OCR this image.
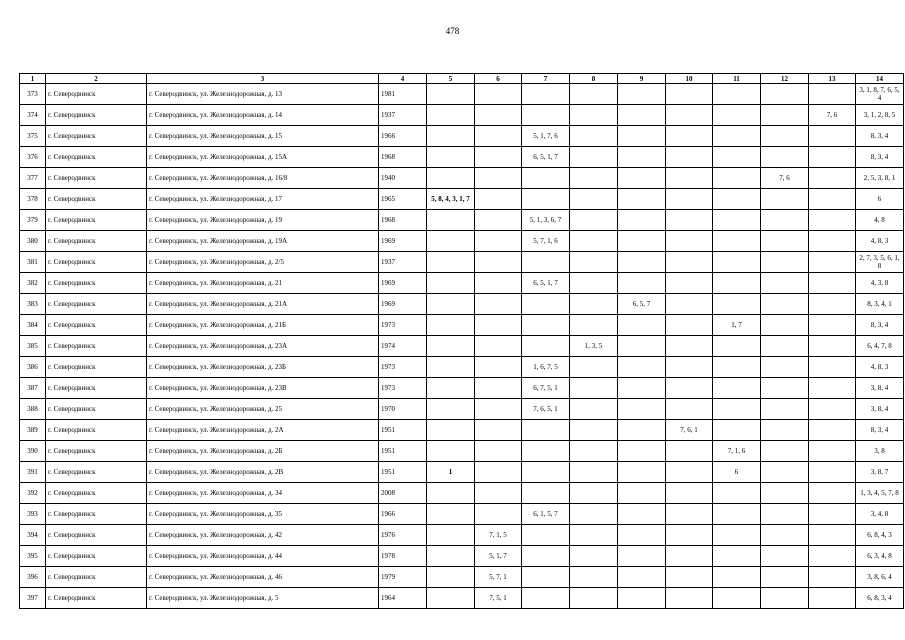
478
1	2	3	4	5	6	7	8	9	10	11	12	13	14
373	г. Северодвинск	г. Северодвинск, ул. Железнодорожная, д. 13	1981										3, 1, 8, 7, 6, 5, 4
374	г. Северодвинск	г. Северодвинск, ул. Железнодорожная, д. 14	1937									7, 6	3, 1, 2, 8, 5
375	г. Северодвинск	г. Северодвинск, ул. Железнодорожная, д. 15	1966			5, 1, 7, 6							8, 3, 4
376	г. Северодвинск	г. Северодвинск, ул. Железнодорожная, д. 15А	1968			6, 5, 1, 7							8, 3, 4
377	г. Северодвинск	г. Северодвинск, ул. Железнодорожная, д. 16/8	1940								7, 6		2, 5, 3, 8, 1
378	г. Северодвинск	г. Северодвинск, ул. Железнодорожная, д. 17	1965	5, 8, 4, 3, 1, 7									6
379	г. Северодвинск	г. Северодвинск, ул. Железнодорожная, д. 19	1968			5, 1, 3, 6, 7							4, 8
380	г. Северодвинск	г. Северодвинск, ул. Железнодорожная, д. 19А	1969			5, 7, 1, 6							4, 8, 3
381	г. Северодвинск	г. Северодвинск, ул. Железнодорожная, д. 2/5	1937										2, 7, 3, 5, 6, 1, 8
382	г. Северодвинск	г. Северодвинск, ул. Железнодорожная, д. 21	1969			6, 5, 1, 7							4, 3, 8
383	г. Северодвинск	г. Северодвинск, ул. Железнодорожная, д. 21А	1969					6, 5, 7					8, 3, 4, 1
384	г. Северодвинск	г. Северодвинск, ул. Железнодорожная, д. 21Б	1973							1, 7			8, 3, 4
385	г. Северодвинск	г. Северодвинск, ул. Железнодорожная, д. 23А	1974				1, 3, 5						6, 4, 7, 8
386	г. Северодвинск	г. Северодвинск, ул. Железнодорожная, д. 23Б	1973			1, 6, 7, 5							4, 8, 3
387	г. Северодвинск	г. Северодвинск, ул. Железнодорожная, д. 23В	1973			6, 7, 5, 1							3, 8, 4
388	г. Северодвинск	г. Северодвинск, ул. Железнодорожная, д. 25	1970			7, 6, 5, 1							3, 8, 4
389	г. Северодвинск	г. Северодвинск, ул. Железнодорожная, д. 2А	1951						7, 6, 1				8, 3, 4
390	г. Северодвинск	г. Северодвинск, ул. Железнодорожная, д. 2Б	1951							7, 1, 6			3, 8
391	г. Северодвинск	г. Северодвинск, ул. Железнодорожная, д. 2В	1951	1						6			3, 8, 7
392	г. Северодвинск	г. Северодвинск, ул. Железнодорожная, д. 34	2008										1, 3, 4, 5, 7, 8
393	г. Северодвинск	г. Северодвинск, ул. Железнодорожная, д. 35	1966			6, 1, 5, 7							3, 4, 8
394	г. Северодвинск	г. Северодвинск, ул. Железнодорожная, д. 42	1976		7, 1, 5								6, 8, 4, 3
395	г. Северодвинск	г. Северодвинск, ул. Железнодорожная, д. 44	1978		5, 1, 7								6, 3, 4, 8
396	г. Северодвинск	г. Северодвинск, ул. Железнодорожная, д. 46	1979		5, 7, 1								3, 8, 6, 4
397	г. Северодвинск	г. Северодвинск, ул. Железнодорожная, д. 5	1964		7, 5, 1								6, 8, 3, 4
